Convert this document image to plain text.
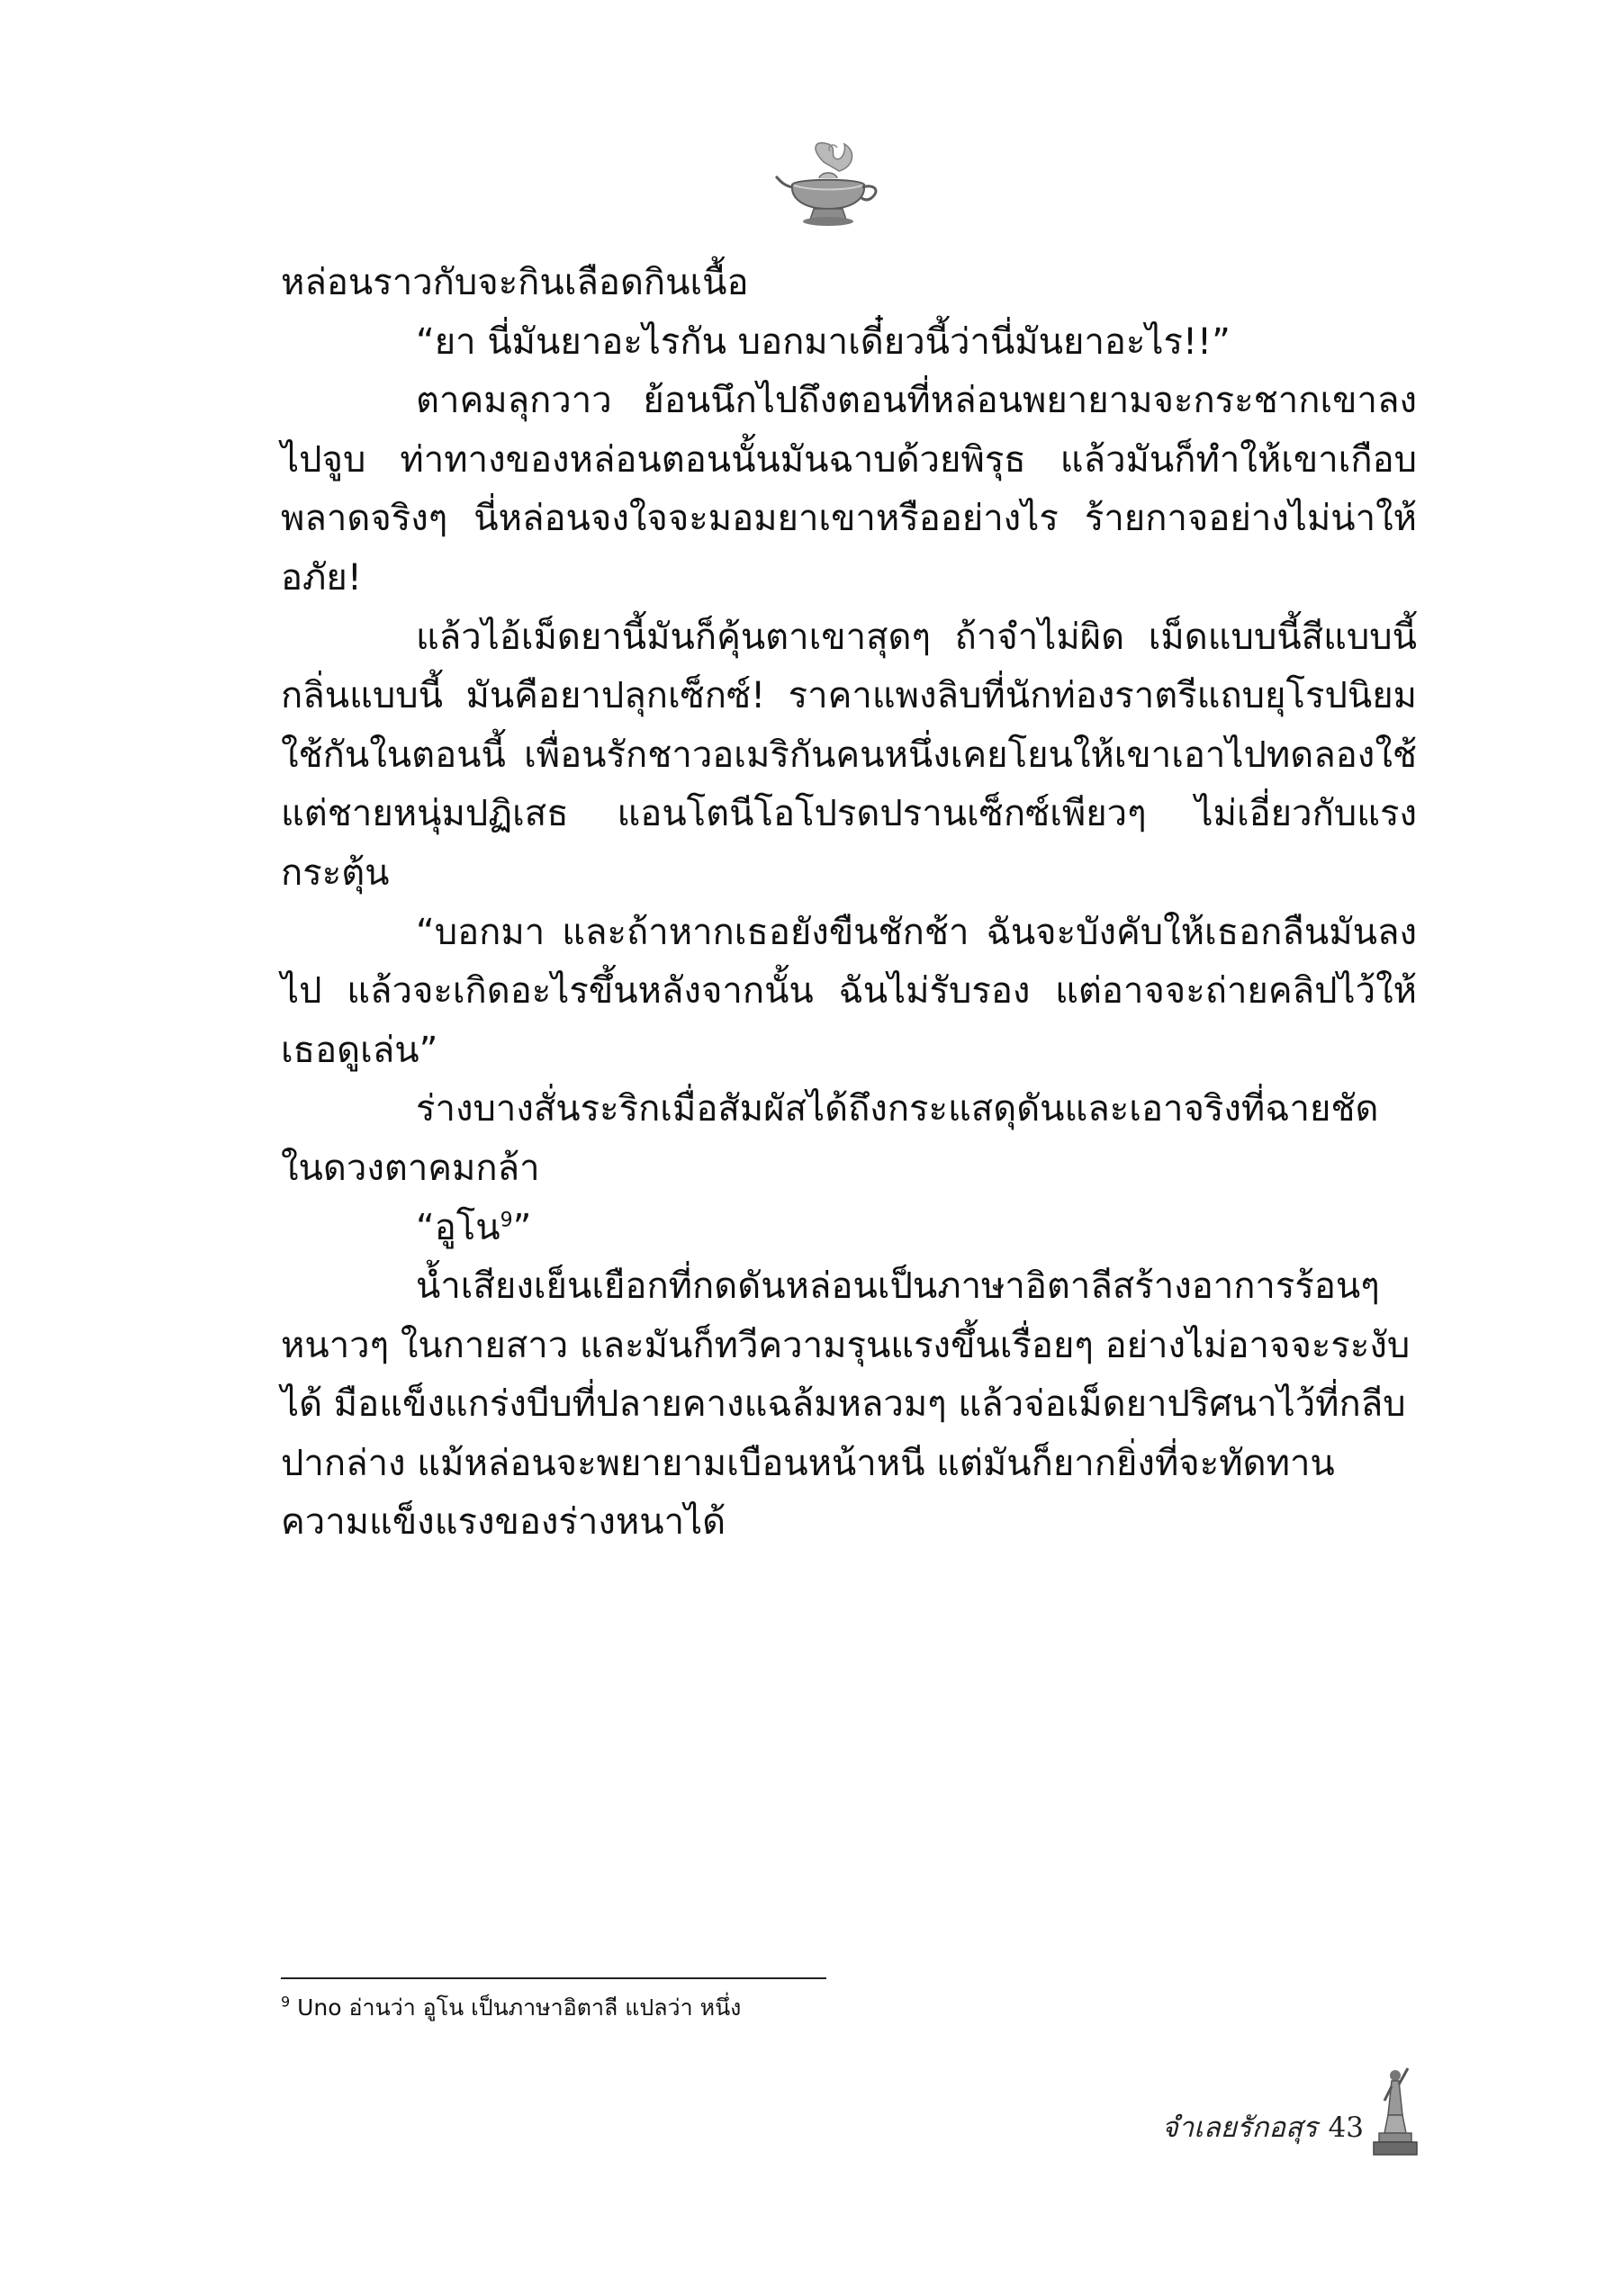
หล่อนราวกับจะกินเลือดกินเนื้อ

“ยา นี่มันยาอะไรกัน บอกมาเดี๋ยวนี้ว่านี่มันยาอะไร!!”

ตาคมลุกวาว ย้อนนึกไปถึงตอนที่หล่อนพยายามจะกระชากเขาลงไปจูบ ท่าทางของหล่อนตอนนั้นมันฉาบด้วยพิรุธ แล้วมันก็ทำให้เขาเกือบพลาดจริงๆ นี่หล่อนจงใจจะมอมยาเขาหรืออย่างไร ร้ายกาจอย่างไม่น่าให้อภัย!

แล้วไอ้เม็ดยานี้มันก็คุ้นตาเขาสุดๆ ถ้าจำไม่ผิด เม็ดแบบนี้สีแบบนี้ กลิ่นแบบนี้ มันคือยาปลุกเซ็กซ์! ราคาแพงลิบที่นักท่องราตรีแถบยุโรปนิยมใช้กันในตอนนี้ เพื่อนรักชาวอเมริกันคนหนึ่งเคยโยนให้เขาเอาไปทดลองใช้ แต่ชายหนุ่มปฏิเสธ แอนโตนีโอโปรดปรานเซ็กซ์เพียวๆ ไม่เอี่ยวกับแรงกระตุ้น

“บอกมา และถ้าหากเธอยังขืนชักช้า ฉันจะบังคับให้เธอกลืนมันลงไป แล้วจะเกิดอะไรขึ้นหลังจากนั้น ฉันไม่รับรอง แต่อาจจะถ่ายคลิปไว้ให้เธอดูเล่น”

ร่างบางสั่นระริกเมื่อสัมผัสได้ถึงกระแสดุดันและเอาจริงที่ฉายชัดในดวงตาคมกล้า

“อูโน$^9$”

น้ำเสียงเย็นเยือกที่กดดันหล่อนเป็นภาษาอิตาลีสร้างอาการร้อนๆ หนาวๆ ในกายสาว และมันก็ทวีความรุนแรงขึ้นเรื่อยๆ อย่างไม่อาจจะระงับได้ มือแข็งแกร่งบีบที่ปลายคางแฉล้มหลวมๆ แล้วจ่อเม็ดยาปริศนาไว้ที่กลีบปากล่าง แม้หล่อนจะพยายามเบือนหน้าหนี แต่มันก็ยากยิ่งที่จะทัดทานความแข็งแรงของร่างหนาได้

$^9$ Uno อ่านว่า อูโน เป็นภาษาอิตาลี แปลว่า หนึ่ง
จำเลยรักอสุร 43
